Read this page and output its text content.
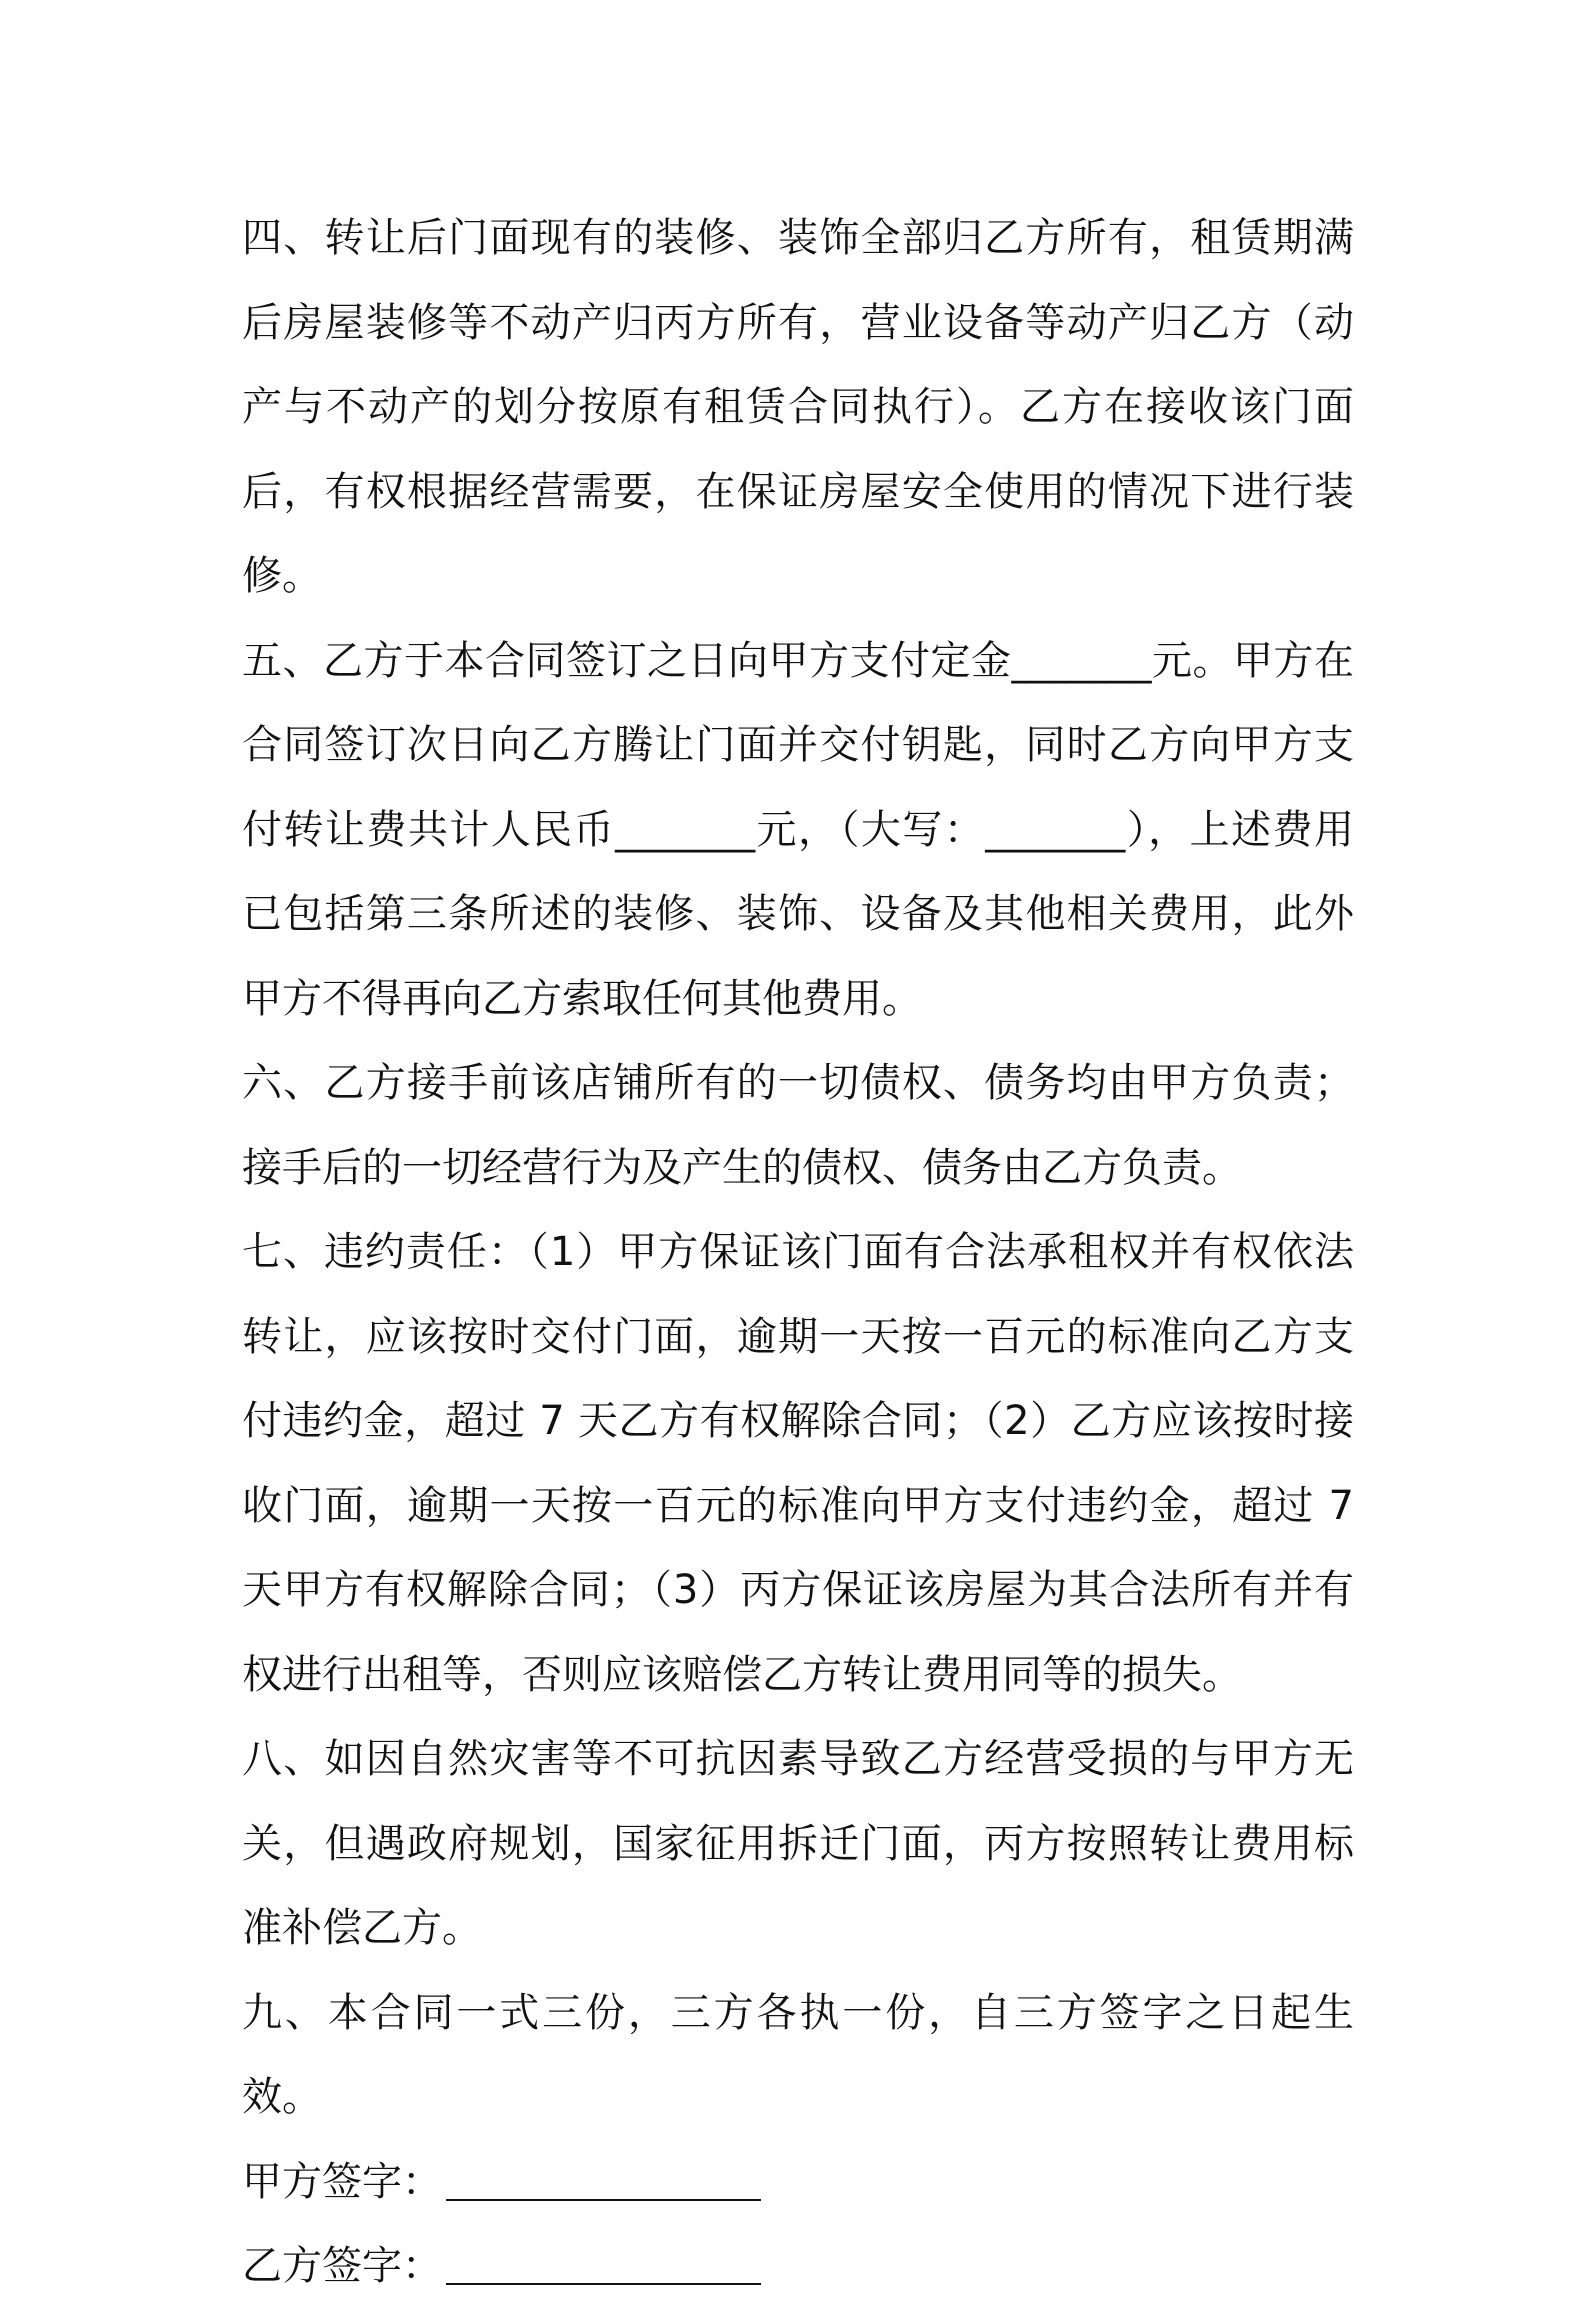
四、转让后门面现有的装修、装饰全部归乙方所有，租赁期满后房屋装修等不动产归丙方所有，营业设备等动产归乙方（动产与不动产的划分按原有租赁合同执行）。乙方在接收该门面后，有权根据经营需要，在保证房屋安全使用的情况下进行装修。

五、乙方于本合同签订之日向甲方支付定金_______元。甲方在合同签订次日向乙方腾让门面并交付钥匙，同时乙方向甲方支付转让费共计人民币_______元，（大写：_______），上述费用已包括第三条所述的装修、装饰、设备及其他相关费用，此外甲方不得再向乙方索取任何其他费用。

六、乙方接手前该店铺所有的一切债权、债务均由甲方负责；接手后的一切经营行为及产生的债权、债务由乙方负责。

七、违约责任：（1）甲方保证该门面有合法承租权并有权依法转让，应该按时交付门面，逾期一天按一百元的标准向乙方支付违约金，超过 7 天乙方有权解除合同；（2）乙方应该按时接收门面，逾期一天按一百元的标准向甲方支付违约金，超过 7 天甲方有权解除合同；（3）丙方保证该房屋为其合法所有并有权进行出租等，否则应该赔偿乙方转让费用同等的损失。

八、如因自然灾害等不可抗因素导致乙方经营受损的与甲方无关，但遇政府规划，国家征用拆迁门面，丙方按照转让费用标准补偿乙方。

九、本合同一式三份，三方各执一份，自三方签字之日起生效。

甲方签字：
乙方签字：
